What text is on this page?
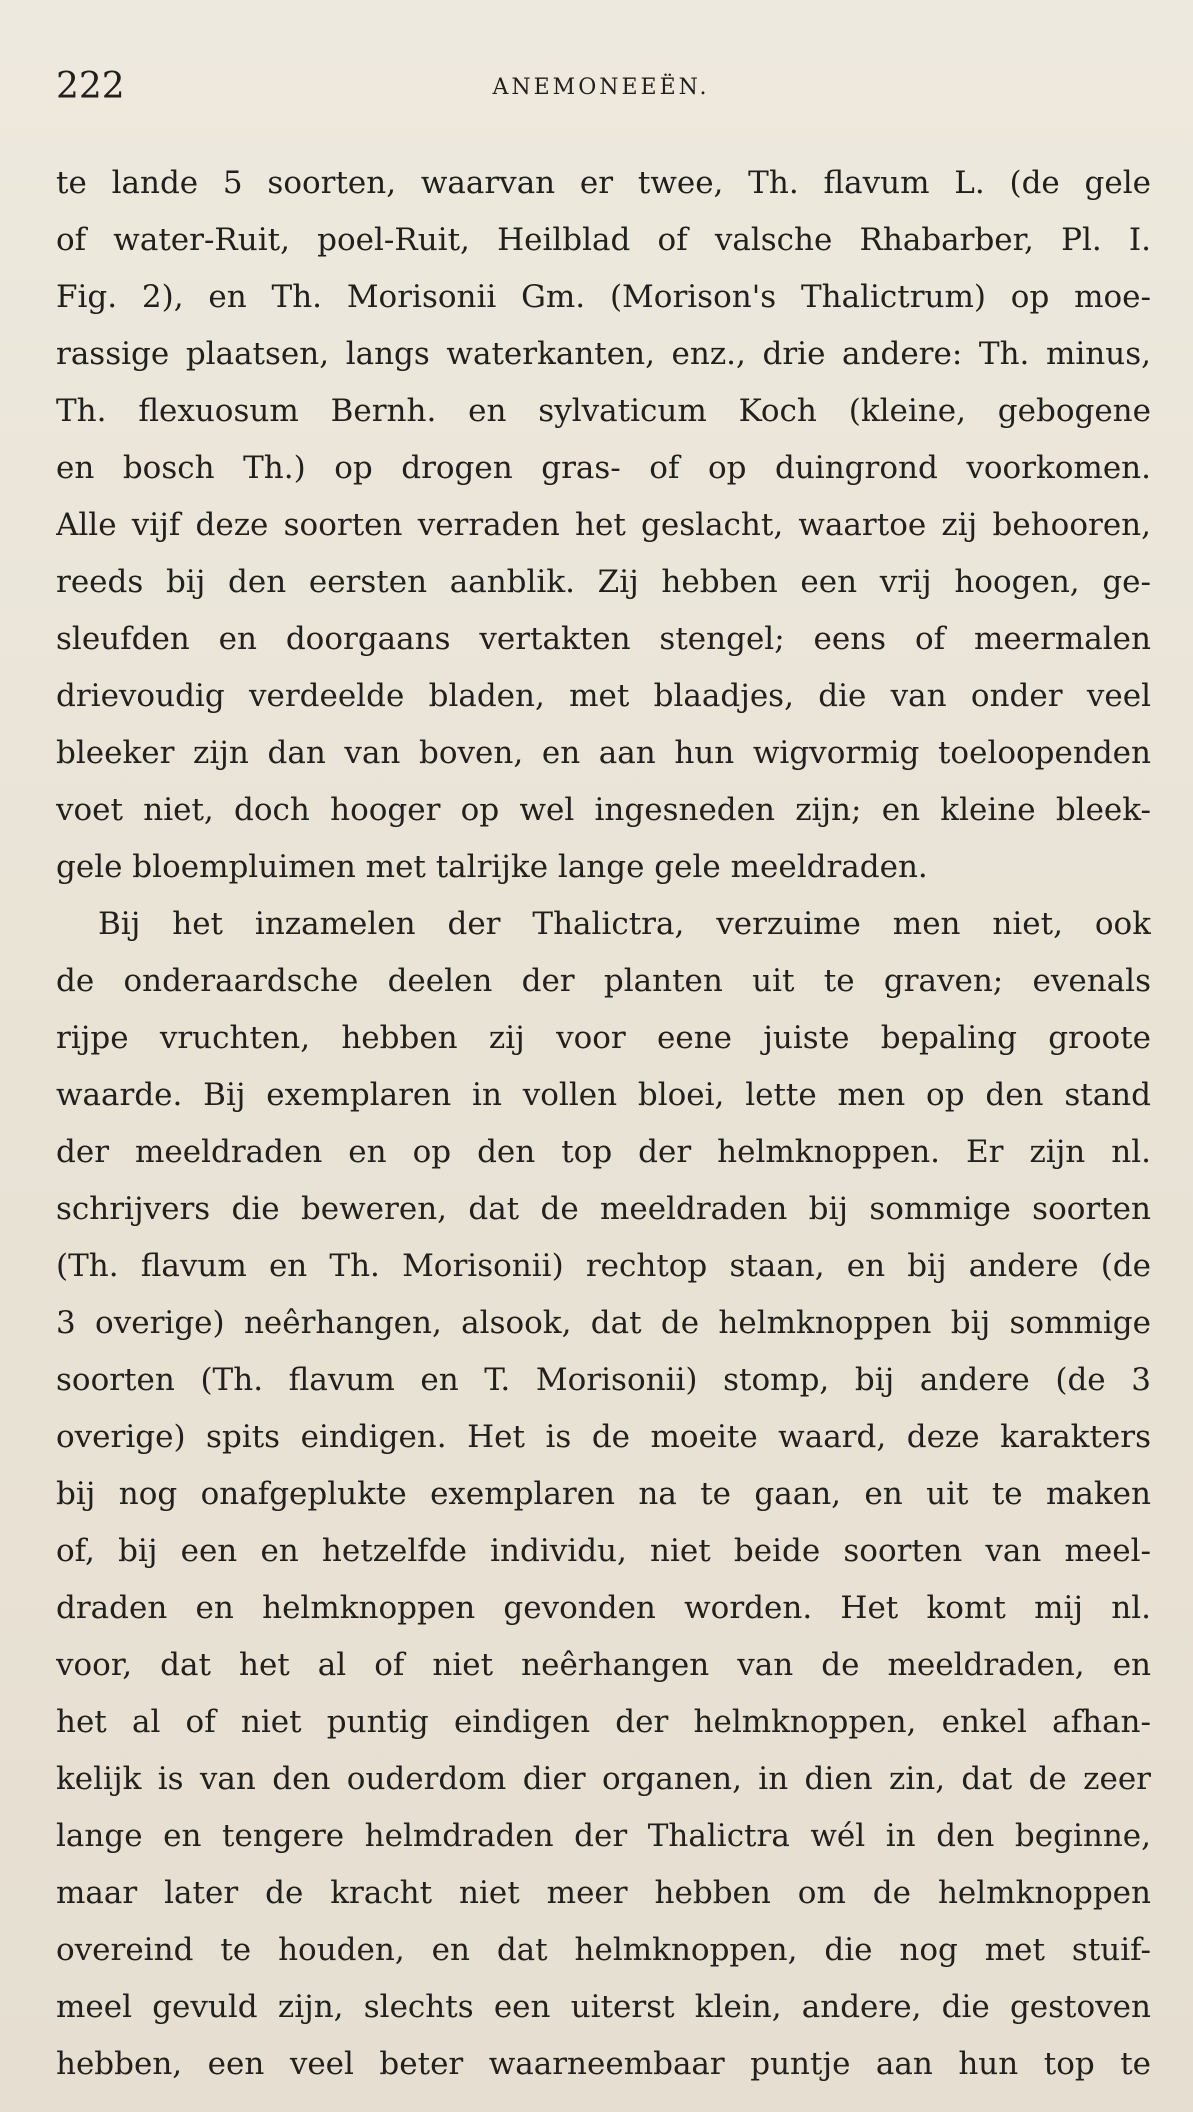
222	ANEMONEEËN.
te lande 5 soorten, waarvan er twee, Th. flavum L. (de gele
of water-Ruit, poel-Ruit, Heilblad of valsche Rhabarber, Pl. I.
Fig. 2), en Th. Morisonii Gm. (Morison's Thalictrum) op moe-
rassige plaatsen, langs waterkanten, enz., drie andere: Th. minus,
Th. flexuosum Bernh. en sylvaticum Koch (kleine, gebogene
en bosch Th.) op drogen gras- of op duingrond voorkomen.
Alle vijf deze soorten verraden het geslacht, waartoe zij behooren,
reeds bij den eersten aanblik. Zij hebben een vrij hoogen, ge-
sleufden en doorgaans vertakten stengel; eens of meermalen
drievoudig verdeelde bladen, met blaadjes, die van onder veel
bleeker zijn dan van boven, en aan hun wigvormig toeloopenden
voet niet, doch hooger op wel ingesneden zijn; en kleine bleek-
gele bloempluimen met talrijke lange gele meeldraden.
Bij het inzamelen der Thalictra, verzuime men niet, ook
de onderaardsche deelen der planten uit te graven; evenals
rijpe vruchten, hebben zij voor eene juiste bepaling groote
waarde. Bij exemplaren in vollen bloei, lette men op den stand
der meeldraden en op den top der helmknoppen. Er zijn nl.
schrijvers die beweren, dat de meeldraden bij sommige soorten
(Th. flavum en Th. Morisonii) rechtop staan, en bij andere (de
3 overige) neêrhangen, alsook, dat de helmknoppen bij sommige
soorten (Th. flavum en T. Morisonii) stomp, bij andere (de 3
overige) spits eindigen. Het is de moeite waard, deze karakters
bij nog onafgeplukte exemplaren na te gaan, en uit te maken
of, bij een en hetzelfde individu, niet beide soorten van meel-
draden en helmknoppen gevonden worden. Het komt mij nl.
voor, dat het al of niet neêrhangen van de meeldraden, en
het al of niet puntig eindigen der helmknoppen, enkel afhan-
kelijk is van den ouderdom dier organen, in dien zin, dat de zeer
lange en tengere helmdraden der Thalictra wél in den beginne,
maar later de kracht niet meer hebben om de helmknoppen
overeind te houden, en dat helmknoppen, die nog met stuif-
meel gevuld zijn, slechts een uiterst klein, andere, die gestoven
hebben, een veel beter waarneembaar puntje aan hun top te
